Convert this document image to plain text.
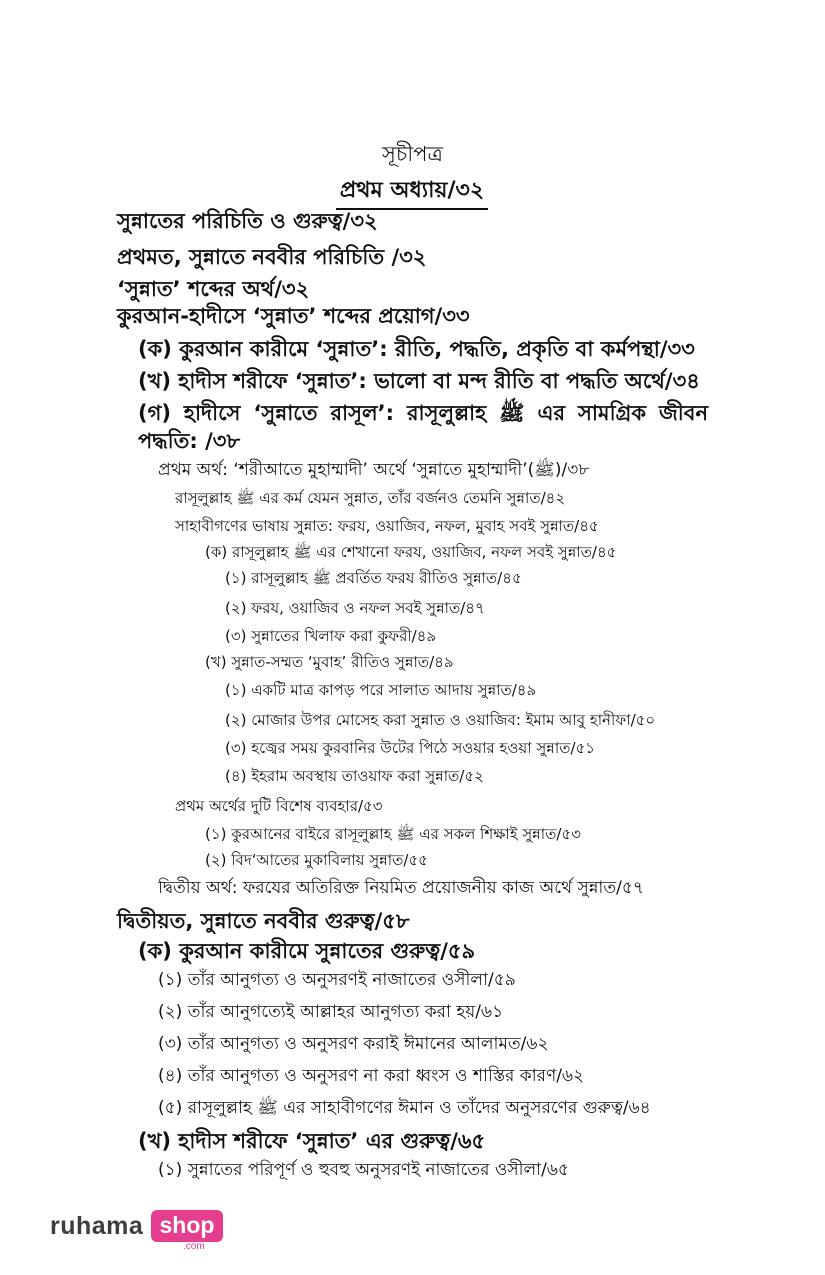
সূচীপত্র
প্রথম অধ্যায়/৩২
সুন্নাতের পরিচিতি ও গুরুত্ব/৩২
প্রথমত, সুন্নাতে নববীর পরিচিতি /৩২
‘সুন্নাত’ শব্দের অর্থ/৩২
কুরআন-হাদীসে ‘সুন্নাত’ শব্দের প্রয়োগ/৩৩
(ক) কুরআন কারীমে ‘সুন্নাত’: রীতি, পদ্ধতি, প্রকৃতি বা কর্মপন্থা/৩৩
(খ) হাদীস শরীফে ‘সুন্নাত’: ভালো বা মন্দ রীতি বা পদ্ধতি অর্থে/৩৪
(গ) হাদীসে ‘সুন্নাতে রাসূল’: রাসূলুল্লাহ ﷺ এর সামগ্রিক জীবন
পদ্ধতি: /৩৮
প্রথম অর্থ: ‘শরীআতে মুহাম্মাদী’ অর্থে ‘সুন্নাতে মুহাম্মাদী’(ﷺ)/৩৮
রাসূলুল্লাহ ﷺ এর কর্ম যেমন সুন্নাত, তাঁর বর্জনও তেমনি সুন্নাত/৪২
সাহাবীগণের ভাষায় সুন্নাত: ফরয, ওয়াজিব, নফল, মুবাহ সবই সুন্নাত/৪৫
(ক) রাসূলুল্লাহ ﷺ এর শেখানো ফরয, ওয়াজিব, নফল সবই সুন্নাত/৪৫
(১) রাসূলুল্লাহ ﷺ প্রবর্তিত ফরয রীতিও সুন্নাত/৪৫
(২) ফরয, ওয়াজিব ও নফল সবই সুন্নাত/৪৭
(৩) সুন্নাতের খিলাফ করা কুফরী/৪৯
(খ) সুন্নাত-সম্মত ‘মুবাহ’ রীতিও সুন্নাত/৪৯
(১) একটি মাত্র কাপড় পরে সালাত আদায় সুন্নাত/৪৯
(২) মোজার উপর মোসেহ করা সুন্নাত ও ওয়াজিব: ইমাম আবু হানীফা/৫০
(৩) হজ্বের সময় কুরবানির উটের পিঠে সওয়ার হওয়া সুন্নাত/৫১
(৪) ইহরাম অবস্থায় তাওয়াফ করা সুন্নাত/৫২
প্রথম অর্থের দুটি বিশেষ ব্যবহার/৫৩
(১) কুরআনের বাইরে রাসূলুল্লাহ ﷺ এর সকল শিক্ষাই সুন্নাত/৫৩
(২) বিদ‘আতের মুকাবিলায় সুন্নাত/৫৫
দ্বিতীয় অর্থ: ফরযের অতিরিক্ত নিয়মিত প্রয়োজনীয় কাজ অর্থে সুন্নাত/৫৭
দ্বিতীয়ত, সুন্নাতে নববীর গুরুত্ব/৫৮
(ক) কুরআন কারীমে সুন্নাতের গুরুত্ব/৫৯
(১) তাঁর আনুগত্য ও অনুসরণই নাজাতের ওসীলা/৫৯
(২) তাঁর আনুগত্যেই আল্লাহর আনুগত্য করা হয়/৬১
(৩) তাঁর আনুগত্য ও অনুসরণ করাই ঈমানের আলামত/৬২
(৪) তাঁর আনুগত্য ও অনুসরণ না করা ধ্বংস ও শাস্তির কারণ/৬২
(৫) রাসূলুল্লাহ ﷺ এর সাহাবীগণের ঈমান ও তাঁদের অনুসরণের গুরুত্ব/৬৪
(খ) হাদীস শরীফে ‘সুন্নাত’ এর গুরুত্ব/৬৫
(১) সুন্নাতের পরিপূর্ণ ও হুবহু অনুসরণই নাজাতের ওসীলা/৬৫
ruhama shop
.com
